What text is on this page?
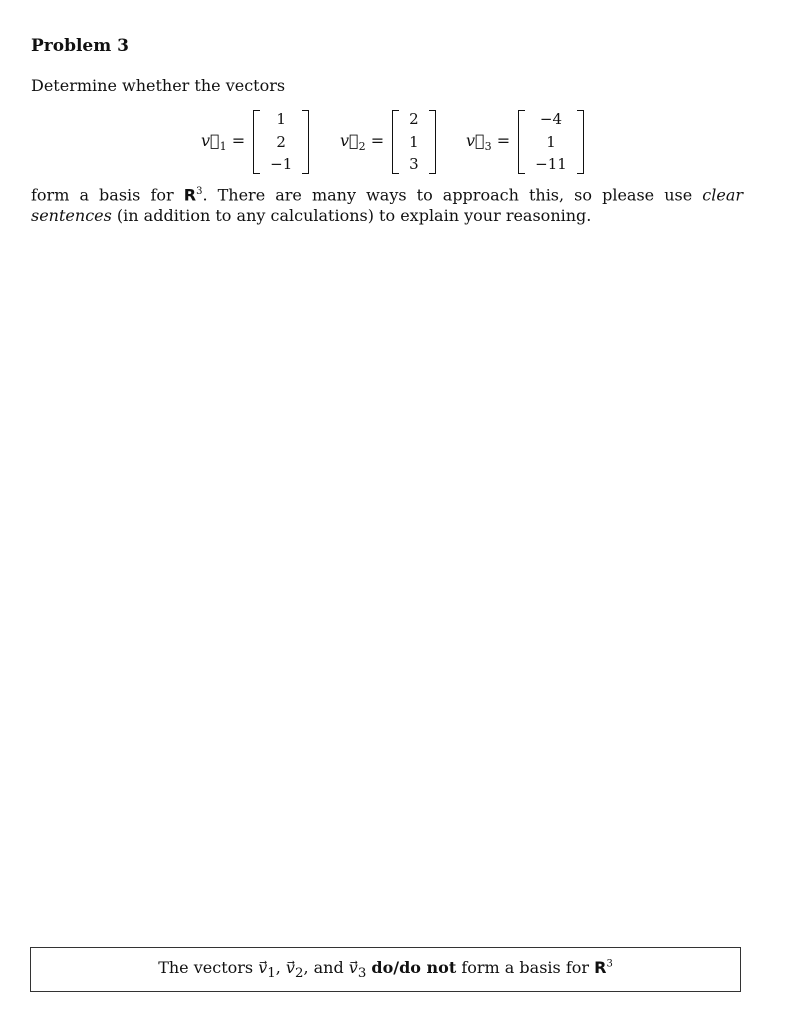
Problem 3
Determine whether the vectors
$v_1$ =
1
2
−1
$v_2$ =
2
1
3
$v_3$ =
−4
1
−11
form a basis for $R^3$. There are many ways to approach this, so please use clear sentences (in addition to any calculations) to explain your reasoning.
The vectors $v_1$, $v_2$, and $v_3$ do/do not form a basis for $R^3$
